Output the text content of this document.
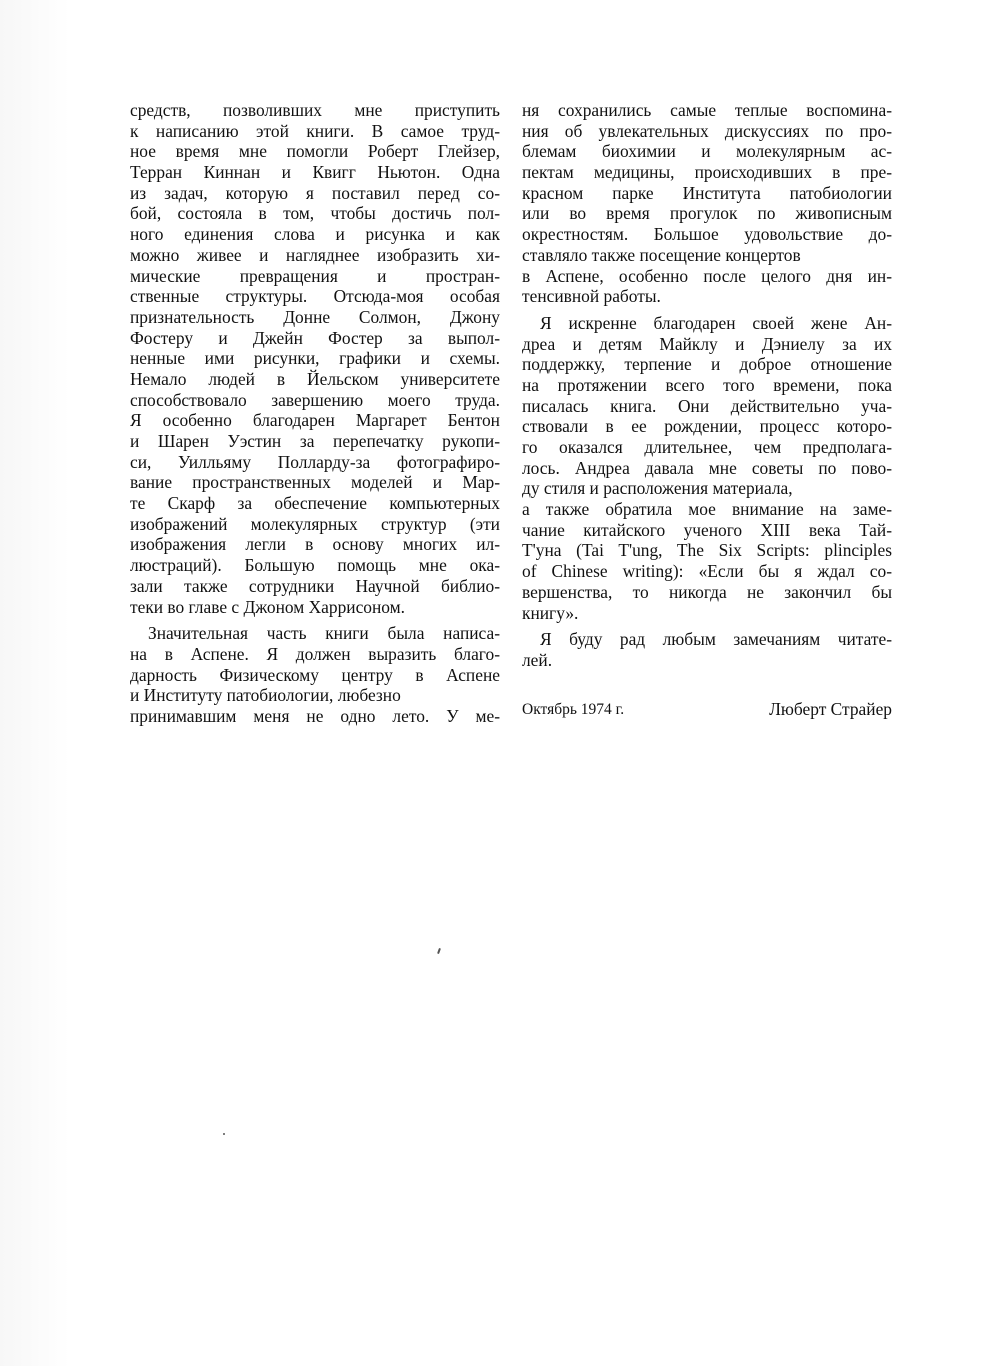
средств, позволивших мне приступить
к написанию этой книги. В самое труд-
ное время мне помогли Роберт Глейзер,
Терран Киннан и Квигг Ньютон. Одна
из задач, которую я поставил перед со-
бой, состояла в том, чтобы достичь пол-
ного единения слова и рисунка и как
можно живее и нагляднее изобразить хи-
мические превращения и простран-
ственные структуры. Отсюда-моя особая
признательность Донне Солмон, Джону
Фостеру и Джейн Фостер за выпол-
ненные ими рисунки, графики и схемы.
Немало людей в Йельском университете
способствовало завершению моего труда.
Я особенно благодарен Маргарет Бентон
и Шарен Уэстин за перепечатку рукопи-
си, Уилльяму Полларду-за фотографиро-
вание пространственных моделей и Мар-
те Скарф за обеспечение компьютерных
изображений молекулярных структур (эти
изображения легли в основу многих ил-
люстраций). Большую помощь мне ока-
зали также сотрудники Научной библио-
теки во главе с Джоном Харрисоном.
Значительная часть книги была написа-
на в Аспене. Я должен выразить благо-
дарность Физическому центру в Аспене
и Институту патобиологии, любезно
принимавшим меня не одно лето. У ме-
ня сохранились самые теплые воспомина-
ния об увлекательных дискуссиях по про-
блемам биохимии и молекулярным ас-
пектам медицины, происходивших в пре-
красном парке Института патобиологии
или во время прогулок по живописным
окрестностям. Большое удовольствие до-
ставляло также посещение концертов
в Аспене, особенно после целого дня ин-
тенсивной работы.
Я искренне благодарен своей жене Ан-
дреа и детям Майклу и Дэниелу за их
поддержку, терпение и доброе отношение
на протяжении всего того времени, пока
писалась книга. Они действительно уча-
ствовали в ее рождении, процесс которо-
го оказался длительнее, чем предполага-
лось. Андреа давала мне советы по пово-
ду стиля и расположения материала,
а также обратила мое внимание на заме-
чание китайского ученого XIII века Тай-
Т'уна (Tai T'ung, The Six Scripts: plinciples
of Chinese writing): «Если бы я ждал со-
вершенства, то никогда не закончил бы
книгу».
Я буду рад любым замечаниям читате-
лей.
Октябрь 1974 г.	Люберт Страйер
